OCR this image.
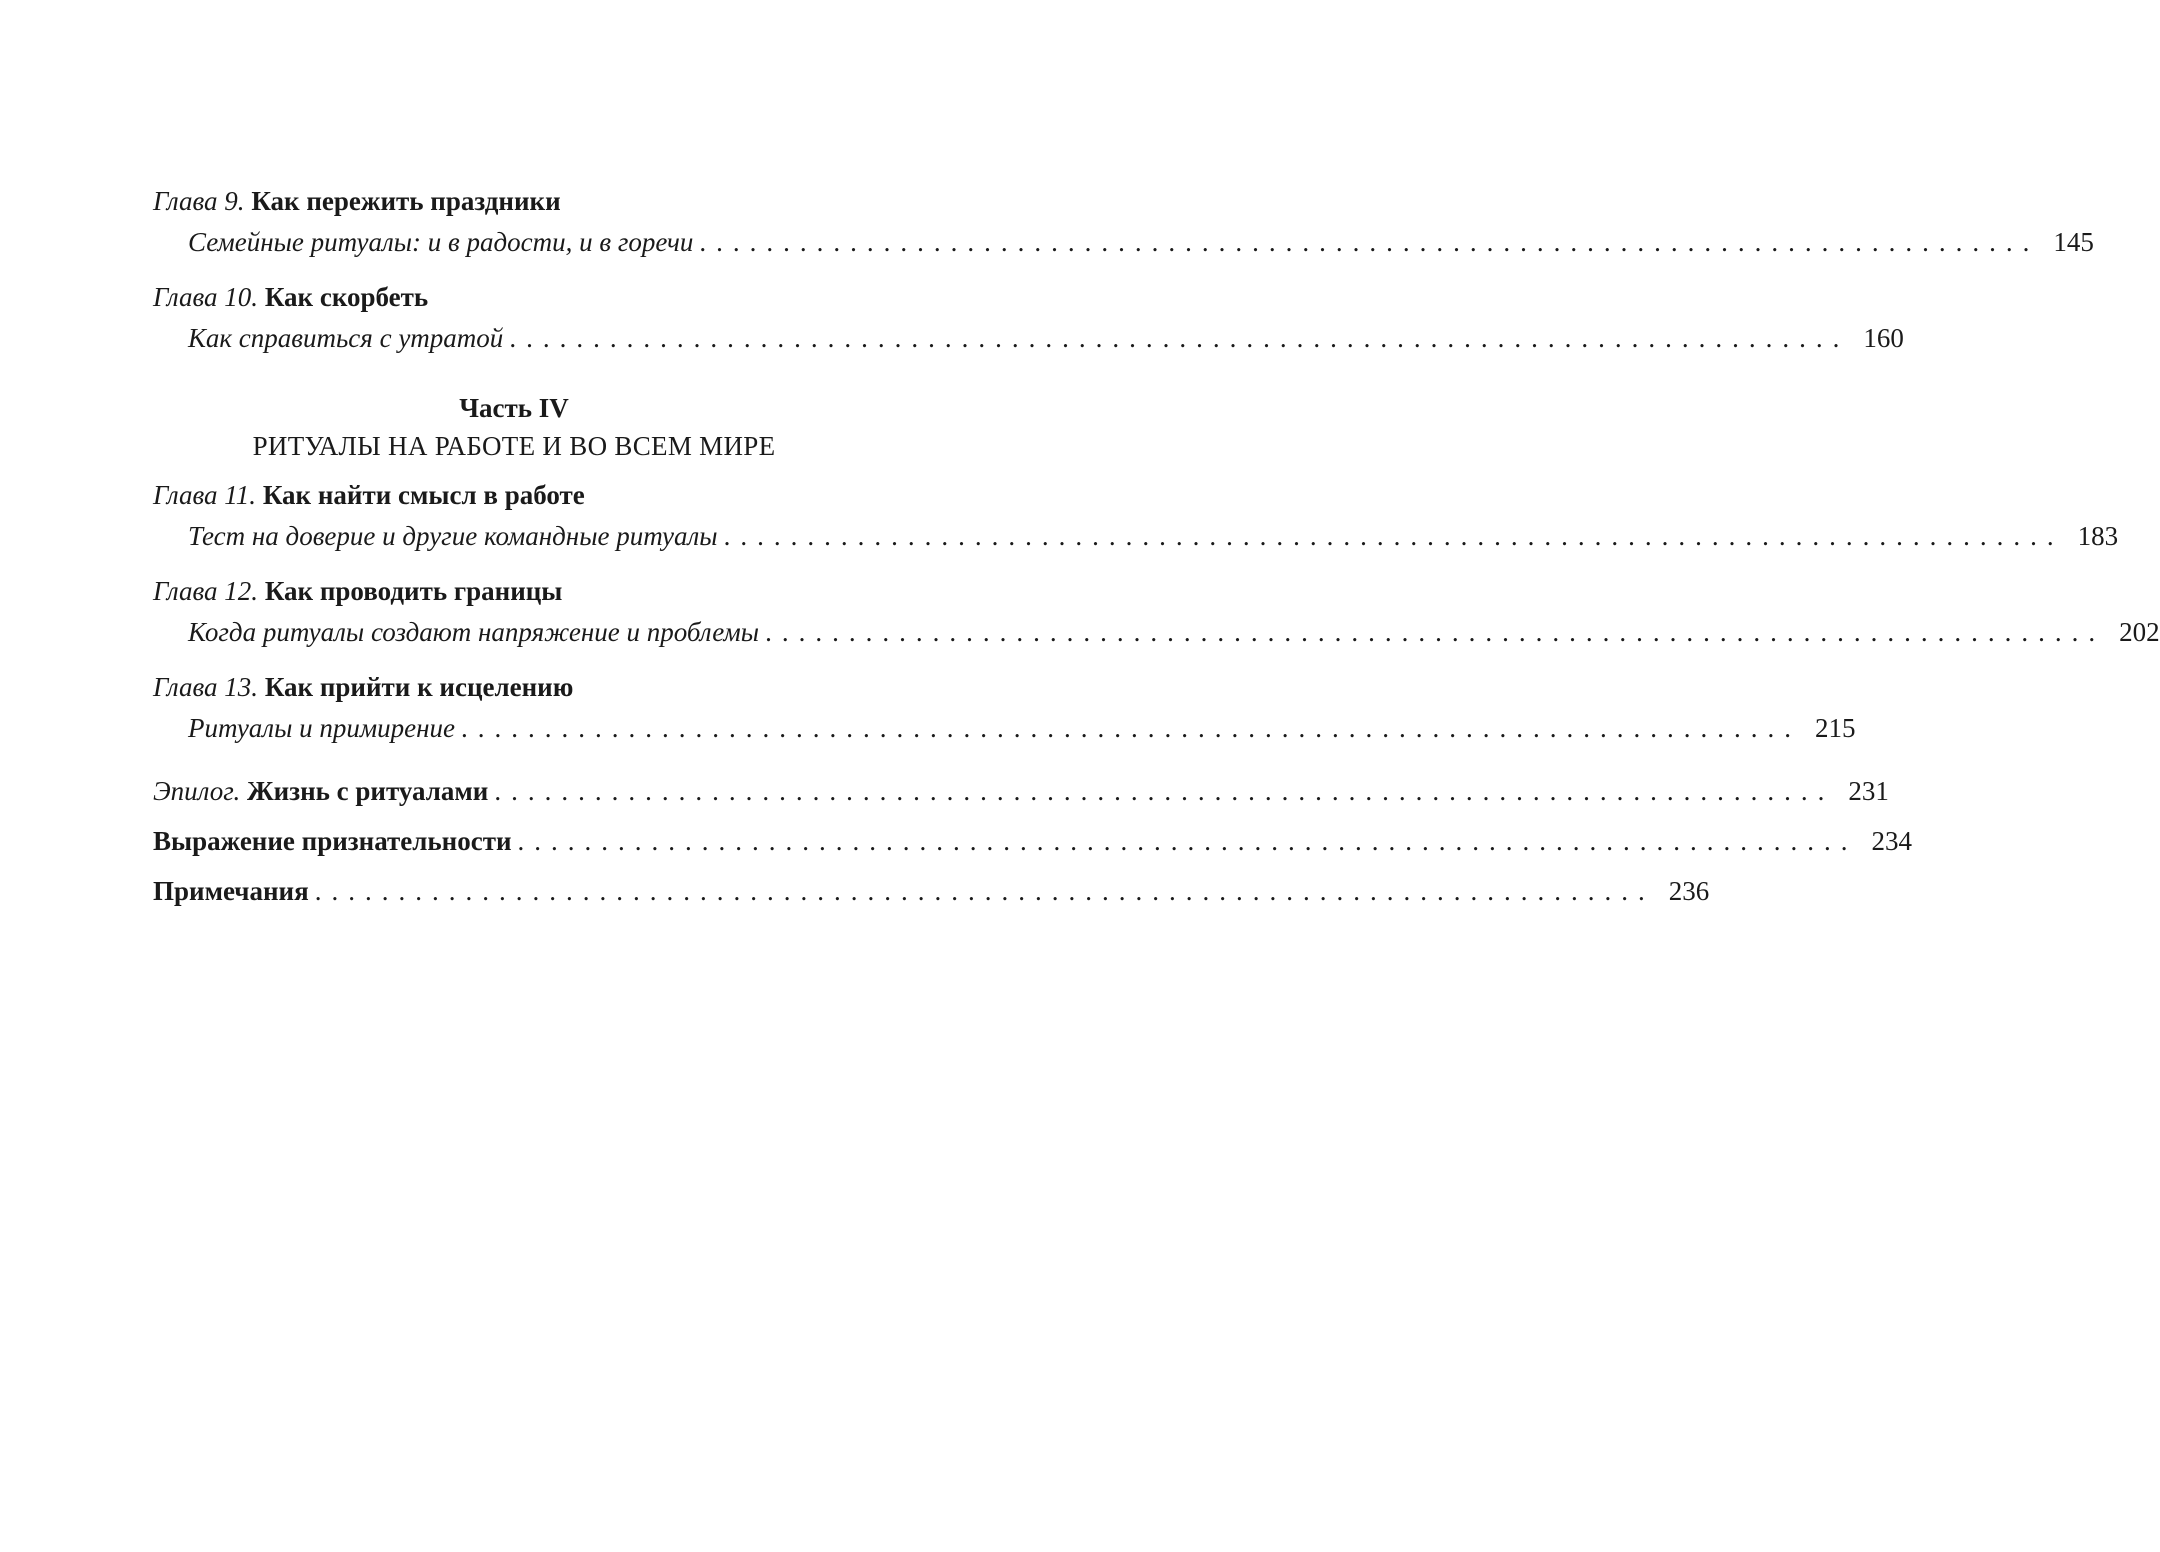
Глава 9. Как пережить праздники
Семейные ритуалы: и в радости, и в горечи ................................................................................ 145
Глава 10. Как скорбеть
Как справиться с утратой ................................................................................ 160
Часть IV
РИТУАЛЫ НА РАБОТЕ И ВО ВСЕМ МИРЕ
Глава 11. Как найти смысл в работе
Тест на доверие и другие командные ритуалы ................................................................................ 183
Глава 12. Как проводить границы
Когда ритуалы создают напряжение и проблемы ................................................................................ 202
Глава 13. Как прийти к исцелению
Ритуалы и примирение ................................................................................ 215
Эпилог. Жизнь с ритуалами ................................................................................ 231
Выражение признательности ................................................................................ 234
Примечания ................................................................................ 236
